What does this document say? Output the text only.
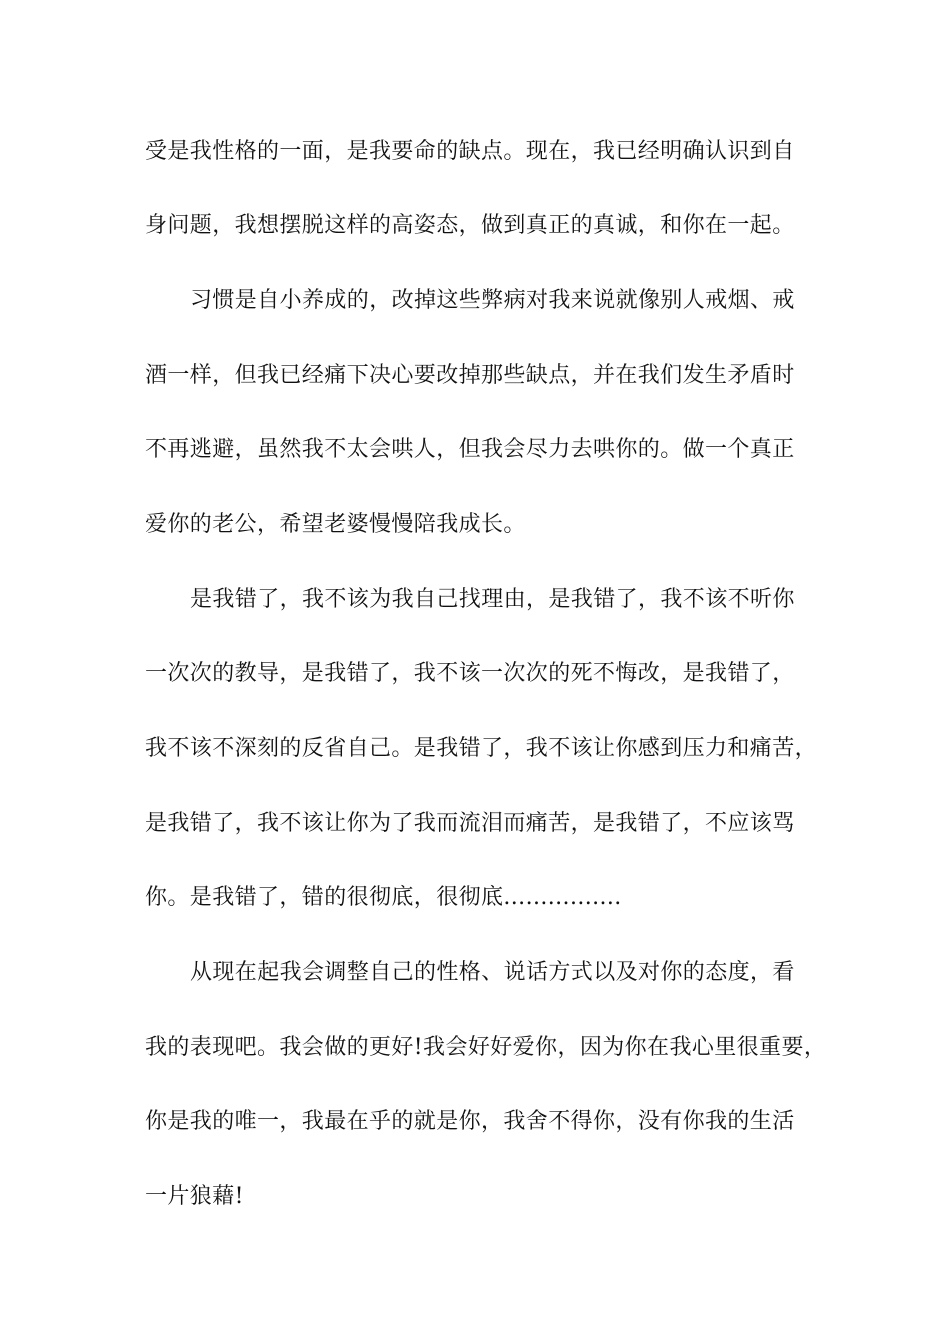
受是我性格的一面，是我要命的缺点。现在，我已经明确认识到自
身问题，我想摆脱这样的高姿态，做到真正的真诚，和你在一起。
习惯是自小养成的，改掉这些弊病对我来说就像别人戒烟、戒
酒一样，但我已经痛下决心要改掉那些缺点，并在我们发生矛盾时
不再逃避，虽然我不太会哄人，但我会尽力去哄你的。做一个真正
爱你的老公，希望老婆慢慢陪我成长。
是我错了，我不该为我自己找理由，是我错了，我不该不听你
一次次的教导，是我错了，我不该一次次的死不悔改，是我错了，
我不该不深刻的反省自己。是我错了，我不该让你感到压力和痛苦，
是我错了，我不该让你为了我而流泪而痛苦，是我错了，不应该骂
你。是我错了，错的很彻底，很彻底................
从现在起我会调整自己的性格、说话方式以及对你的态度，看
我的表现吧。我会做的更好!我会好好爱你，因为你在我心里很重要，
你是我的唯一，我最在乎的就是你，我舍不得你，没有你我的生活
一片狼藉!
